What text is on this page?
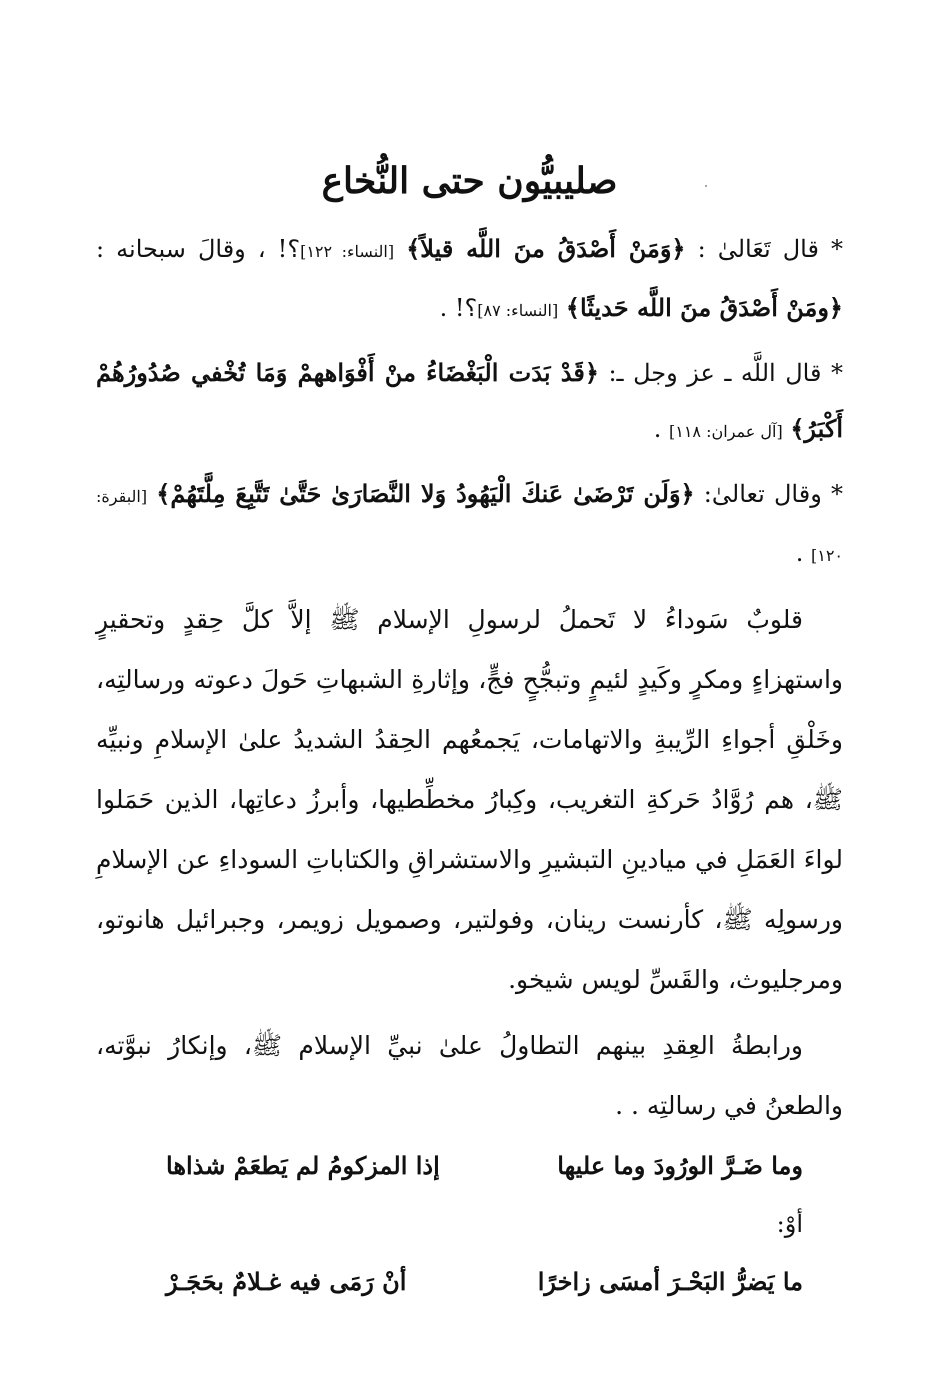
صليبيُّون حتى النُّخاع

* قال تَعَالىٰ : ﴿وَمَنْ أَصْدَقُ منَ اللَّه قيلاً﴾ [النساء: ١٢٢]؟! ، وقالَ سبحانه : ﴿ومَنْ أَصْدَقُ منَ اللَّه حَديثًا﴾ [النساء: ٨٧]؟! .

* قال اللَّه ـ عز وجل ـ: ﴿قَدْ بَدَت الْبَغْضَاءُ منْ أَفْوَاههمْ وَمَا تُخْفي صُدُورُهُمْ أَكْبَرُ﴾ [آل عمران: ١١٨] .

* وقال تعالىٰ: ﴿وَلَن تَرْضَىٰ عَنكَ الْيَهُودُ وَلا النَّصَارَىٰ حَتَّىٰ تَتَّبِعَ مِلَّتَهُمْ﴾ [البقرة: ١٢٠] .

قلوبٌ سَوداءُ لا تَحملُ لرسولِ الإسلام ﷺ إلاَّ كلَّ حِقدٍ وتحقيرٍ واستهزاءٍ ومكرٍ وكَيدٍ لئيمٍ وتبجُّحٍ فجٍّ، وإثارةِ الشبهاتِ حَولَ دعوته ورسالتِه، وخَلْقِ أجواءِ الرِّيبةِ والاتهامات، يَجمعُهم الحِقدُ الشديدُ علىٰ الإسلامِ ونبيِّه ﷺ، هم رُوَّادُ حَركةِ التغريب، وكِبارُ مخطِّطيها، وأبرزُ دعاتِها، الذين حَمَلوا لواءَ العَمَلِ في ميادينِ التبشيرِ والاستشراقِ والكتاباتِ السوداءِ عن الإسلامِ ورسولِه ﷺ، كأرنست رينان، وفولتير، وصمويل زويمر، وجبرائيل هانوتو، ومرجليوث، والقَسِّ لويس شيخو.

ورابطةُ العِقدِ بينهم التطاولُ علىٰ نبيِّ الإسلام ﷺ، وإنكارُ نبوَّته، والطعنُ في رسالتِه . .

وما ضَـرَّ الورُودَ وما عليها
إذا المزكومُ لم يَطعَمْ شذاها
أوْ:
ما يَضرُّ البَحْـرَ أمسَى زاخرًا
أنْ رَمَى فيه غـلامٌ بحَجَـرْ
